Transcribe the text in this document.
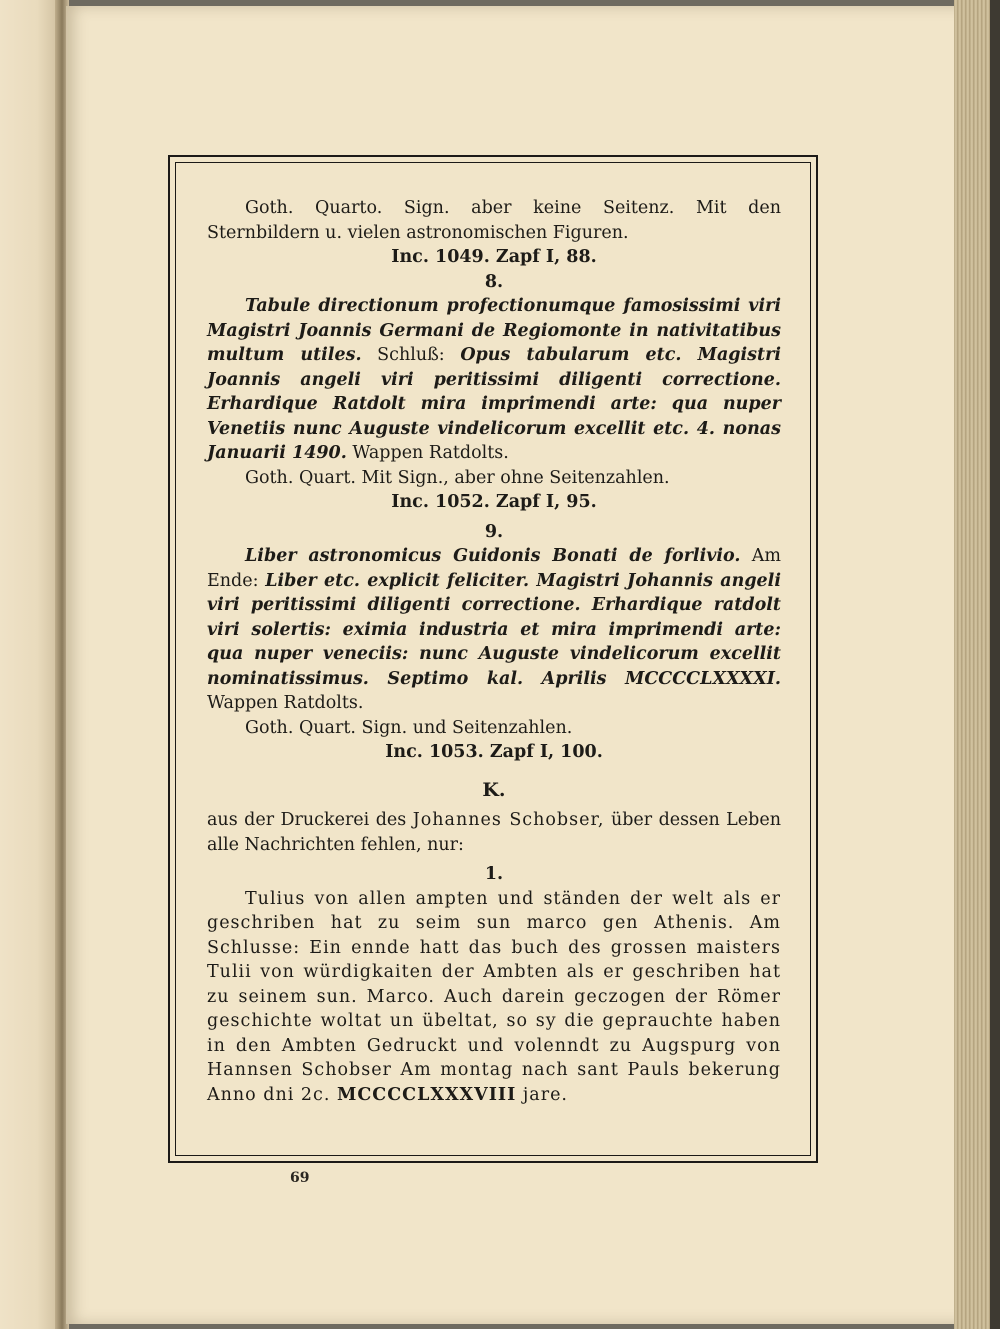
Goth. Quarto. Sign. aber keine Seitenz. Mit den Sternbildern u. vielen astronomischen Figuren.

Inc. 1049. Zapf I, 88.

8.

Tabule directionum profectionumque famosissimi viri Magistri Joannis Germani de Regiomonte in nativitatibus multum utiles. Schluß: Opus tabularum etc. Magistri Joannis angeli viri peritissimi diligenti correctione. Erhardique Ratdolt mira imprimendi arte: qua nuper Venetiis nunc Auguste vindelicorum excellit etc. 4. nonas Januarii 1490. Wappen Ratdolts.

Goth. Quart. Mit Sign., aber ohne Seitenzahlen.

Inc. 1052. Zapf I, 95.

9.

Liber astronomicus Guidonis Bonati de forlivio. Am Ende: Liber etc. explicit feliciter. Magistri Johannis angeli viri peritissimi diligenti correctione. Erhardique ratdolt viri solertis: eximia industria et mira imprimendi arte: qua nuper veneciis: nunc Auguste vindelicorum excellit nominatissimus. Septimo kal. Aprilis MCCCCLXXXXI. Wappen Ratdolts.

Goth. Quart. Sign. und Seitenzahlen.

Inc. 1053. Zapf I, 100.

K.

aus der Druckerei des Johannes Schobser, über dessen Leben alle Nachrichten fehlen, nur:

1.

Tulius von allen ampten und ständen der welt als er geschriben hat zu seim sun marco gen Athenis. Am Schlusse: Ein ennde hatt das buch des grossen maisters Tulii von würdigkaiten der Ambten als er geschriben hat zu seinem sun. Marco. Auch darein geczogen der Römer geschichte woltat un übeltat, so sy die geprauchte haben in den Ambten Gedruckt und volenndt zu Augspurg von Hannsen Schobser Am montag nach sant Pauls bekerung Anno dni 2c. MCCCCLXXXVIII jare.

69
